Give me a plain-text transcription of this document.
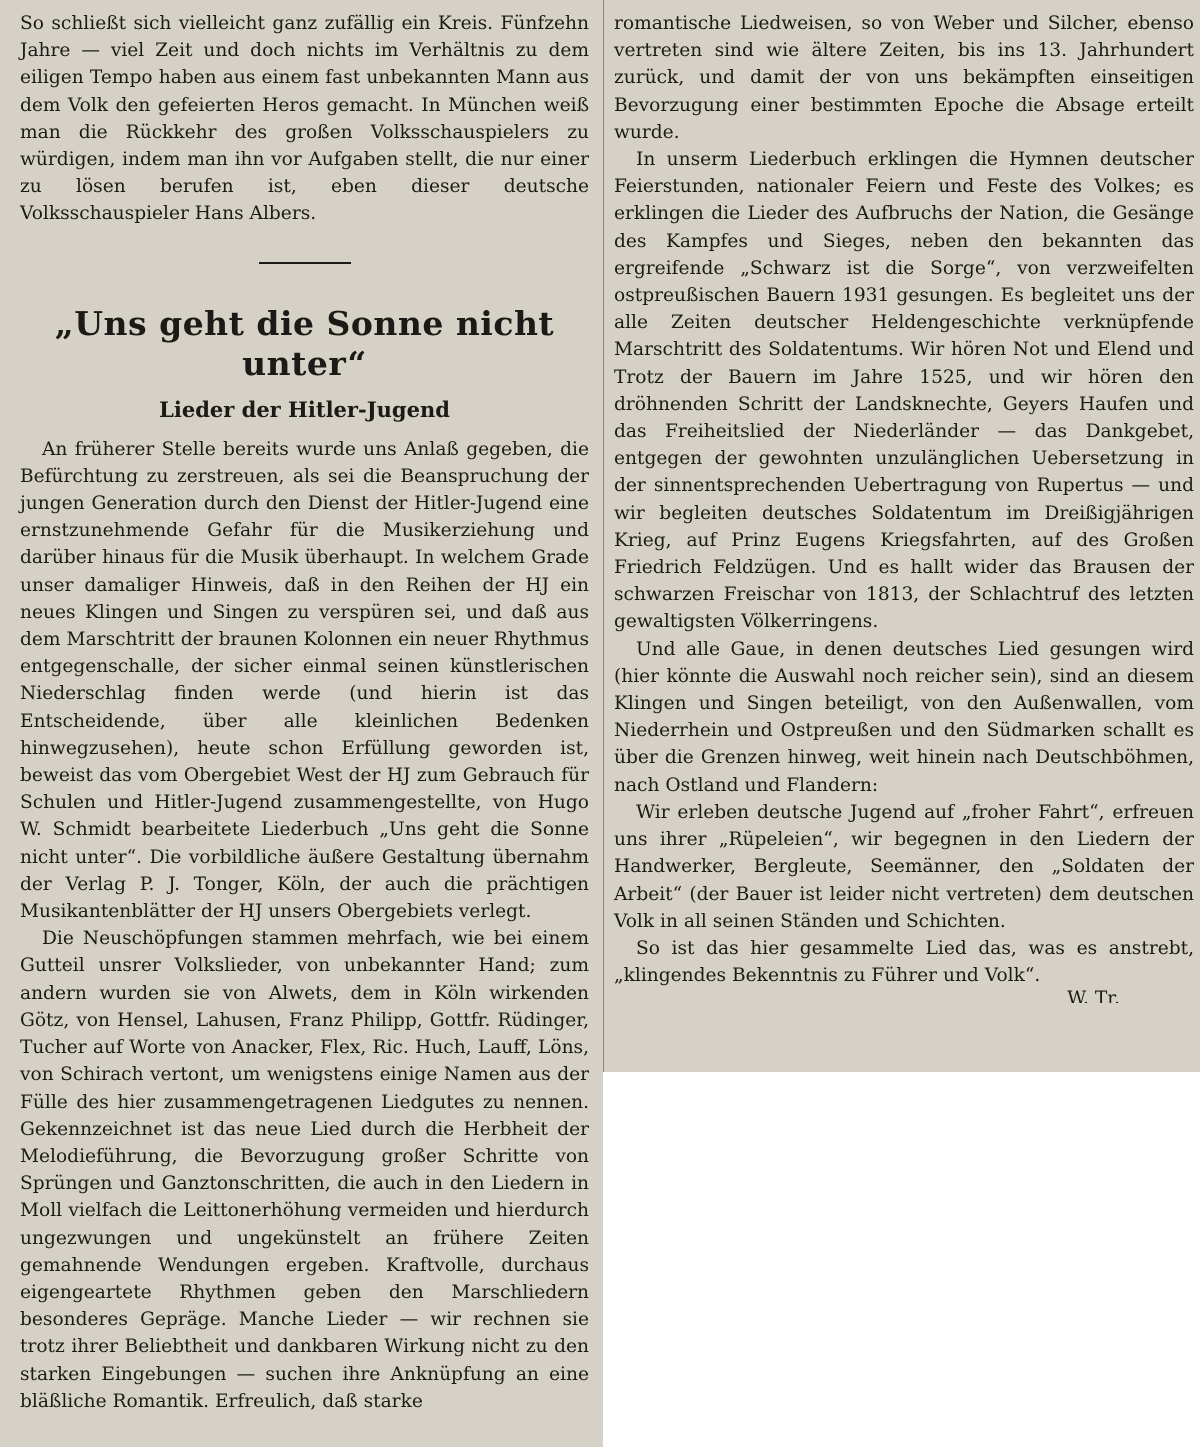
So schließt sich vielleicht ganz zufällig ein Kreis. Fünfzehn Jahre — viel Zeit und doch nichts im Verhältnis zu dem eiligen Tempo haben aus einem fast unbekannten Mann aus dem Volk den gefeierten Heros gemacht. In München weiß man die Rückkehr des großen Volksschauspielers zu würdigen, indem man ihn vor Aufgaben stellt, die nur einer zu lösen berufen ist, eben dieser deutsche Volksschauspieler Hans Albers.

„Uns geht die Sonne nicht unter“
Lieder der Hitler-Jugend

An früherer Stelle bereits wurde uns Anlaß gegeben, die Befürchtung zu zerstreuen, als sei die Beanspruchung der jungen Generation durch den Dienst der Hitler-Jugend eine ernstzunehmende Gefahr für die Musikerziehung und darüber hinaus für die Musik überhaupt. In welchem Grade unser damaliger Hinweis, daß in den Reihen der HJ ein neues Klingen und Singen zu verspüren sei, und daß aus dem Marschtritt der braunen Kolonnen ein neuer Rhythmus entgegenschalle, der sicher einmal seinen künstlerischen Niederschlag finden werde (und hierin ist das Entscheidende, über alle kleinlichen Bedenken hinwegzusehen), heute schon Erfüllung geworden ist, beweist das vom Obergebiet West der HJ zum Gebrauch für Schulen und Hitler-Jugend zusammengestellte, von Hugo W. Schmidt bearbeitete Liederbuch „Uns geht die Sonne nicht unter“. Die vorbildliche äußere Gestaltung übernahm der Verlag P. J. Tonger, Köln, der auch die prächtigen Musikantenblätter der HJ unsers Obergebiets verlegt.

Die Neuschöpfungen stammen mehrfach, wie bei einem Gutteil unsrer Volkslieder, von unbekannter Hand; zum andern wurden sie von Alwets, dem in Köln wirkenden Götz, von Hensel, Lahusen, Franz Philipp, Gottfr. Rüdinger, Tucher auf Worte von Anacker, Flex, Ric. Huch, Lauff, Löns, von Schirach vertont, um wenigstens einige Namen aus der Fülle des hier zusammengetragenen Liedgutes zu nennen. Gekennzeichnet ist das neue Lied durch die Herbheit der Melodieführung, die Bevorzugung großer Schritte von Sprüngen und Ganztonschritten, die auch in den Liedern in Moll vielfach die Leittonerhöhung vermeiden und hierdurch ungezwungen und ungekünstelt an frühere Zeiten gemahnende Wendungen ergeben. Kraftvolle, durchaus eigengeartete Rhythmen geben den Marschliedern besonderes Gepräge. Manche Lieder — wir rechnen sie trotz ihrer Beliebtheit und dankbaren Wirkung nicht zu den starken Eingebungen — suchen ihre Anknüpfung an eine bläßliche Romantik. Erfreulich, daß starke

romantische Liedweisen, so von Weber und Silcher, ebenso vertreten sind wie ältere Zeiten, bis ins 13. Jahrhundert zurück, und damit der von uns bekämpften einseitigen Bevorzugung einer bestimmten Epoche die Absage erteilt wurde.

In unserm Liederbuch erklingen die Hymnen deutscher Feierstunden, nationaler Feiern und Feste des Volkes; es erklingen die Lieder des Aufbruchs der Nation, die Gesänge des Kampfes und Sieges, neben den bekannten das ergreifende „Schwarz ist die Sorge“, von verzweifelten ostpreußischen Bauern 1931 gesungen. Es begleitet uns der alle Zeiten deutscher Heldengeschichte verknüpfende Marschtritt des Soldatentums. Wir hören Not und Elend und Trotz der Bauern im Jahre 1525, und wir hören den dröhnenden Schritt der Landsknechte, Geyers Haufen und das Freiheitslied der Niederländer — das Dankgebet, entgegen der gewohnten unzulänglichen Uebersetzung in der sinnentsprechenden Uebertragung von Rupertus — und wir begleiten deutsches Soldatentum im Dreißigjährigen Krieg, auf Prinz Eugens Kriegsfahrten, auf des Großen Friedrich Feldzügen. Und es hallt wider das Brausen der schwarzen Freischar von 1813, der Schlachtruf des letzten gewaltigsten Völkerringens.

Und alle Gaue, in denen deutsches Lied gesungen wird (hier könnte die Auswahl noch reicher sein), sind an diesem Klingen und Singen beteiligt, von den Außenwallen, vom Niederrhein und Ostpreußen und den Südmarken schallt es über die Grenzen hinweg, weit hinein nach Deutschböhmen, nach Ostland und Flandern:

Wir erleben deutsche Jugend auf „froher Fahrt“, erfreuen uns ihrer „Rüpeleien“, wir begegnen in den Liedern der Handwerker, Bergleute, Seemänner, den „Soldaten der Arbeit“ (der Bauer ist leider nicht vertreten) dem deutschen Volk in all seinen Ständen und Schichten.

So ist das hier gesammelte Lied das, was es anstrebt, „klingendes Bekenntnis zu Führer und Volk“.

W. Tr.
